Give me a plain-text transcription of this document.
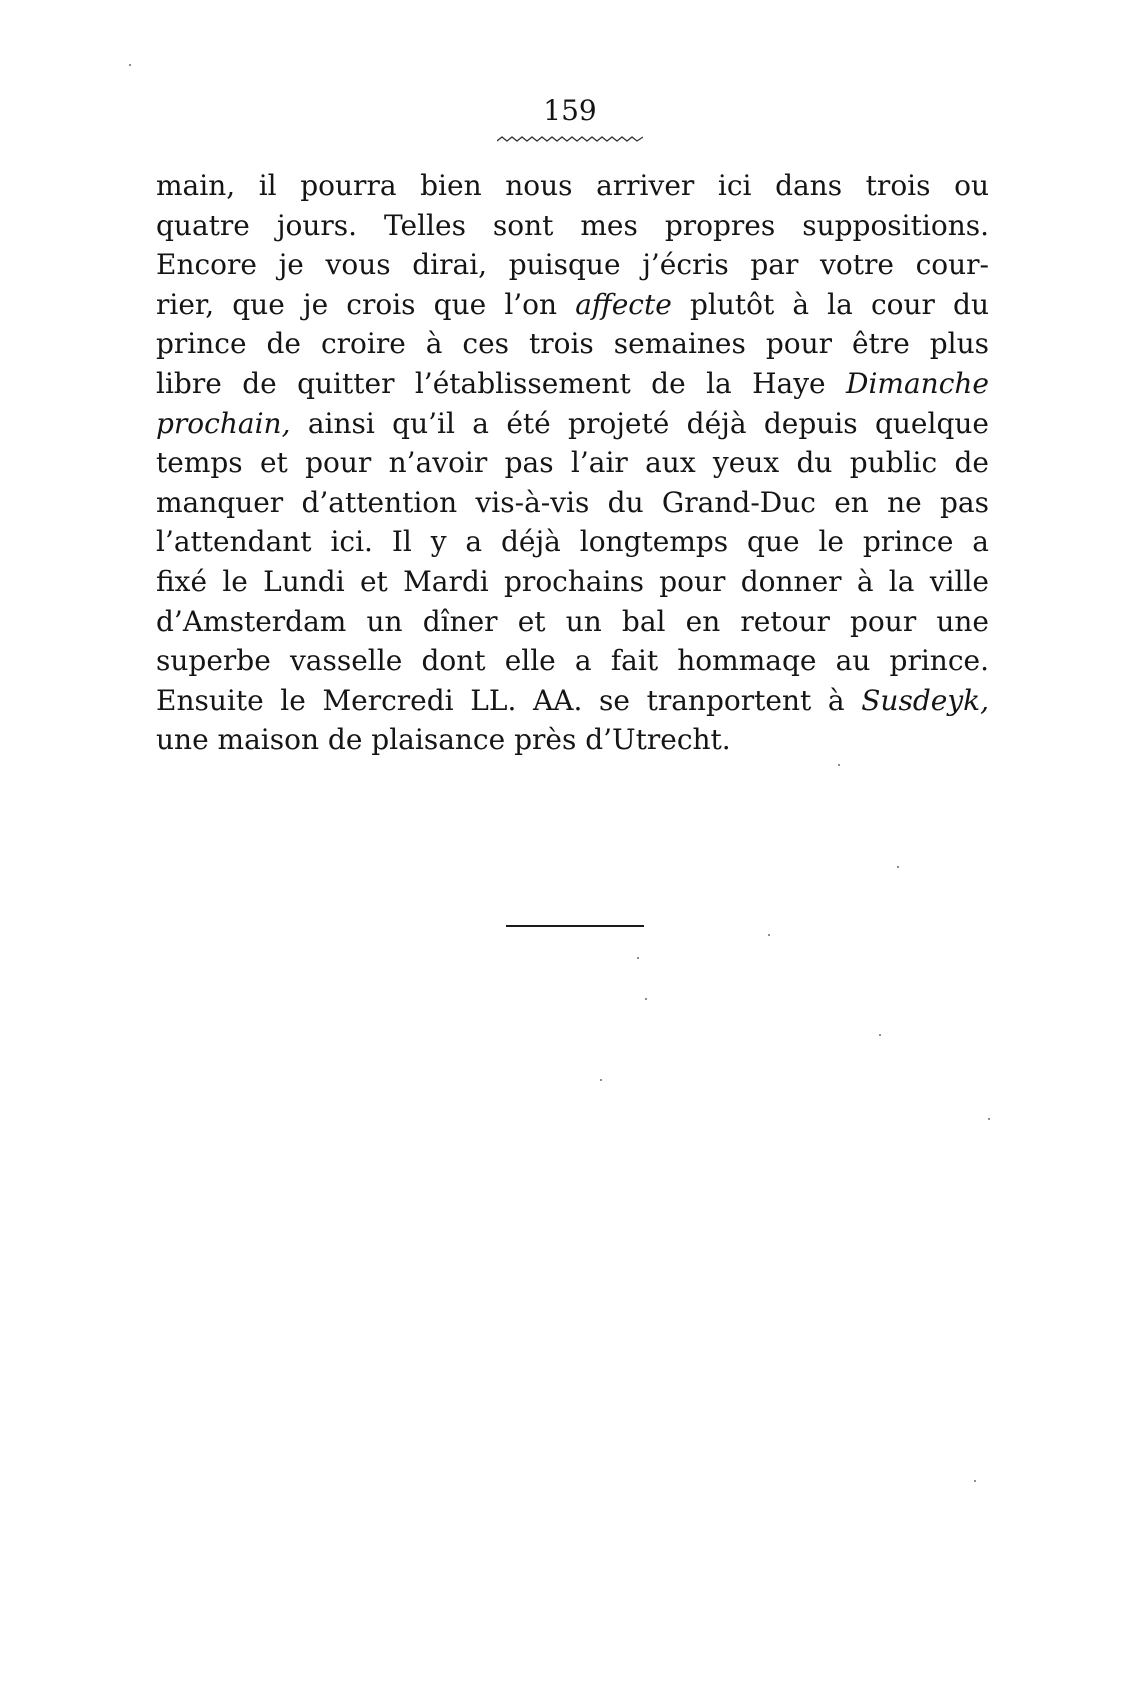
159
main, il pourra bien nous arriver ici dans trois ou
quatre jours. Telles sont mes propres suppositions.
Encore je vous dirai, puisque j’écris par votre cour-
rier, que je crois que l’on affecte plutôt à la cour du
prince de croire à ces trois semaines pour être plus
libre de quitter l’établissement de la Haye Dimanche
prochain, ainsi qu’il a été projeté déjà depuis quelque
temps et pour n’avoir pas l’air aux yeux du public de
manquer d’attention vis-à-vis du Grand-Duc en ne pas
l’attendant ici. Il y a déjà longtemps que le prince a
fixé le Lundi et Mardi prochains pour donner à la ville
d’Amsterdam un dîner et un bal en retour pour une
superbe vasselle dont elle a fait hommaqe au prince.
Ensuite le Mercredi LL. AA. se tranportent à Susdeyk,
une maison de plaisance près d’Utrecht.
